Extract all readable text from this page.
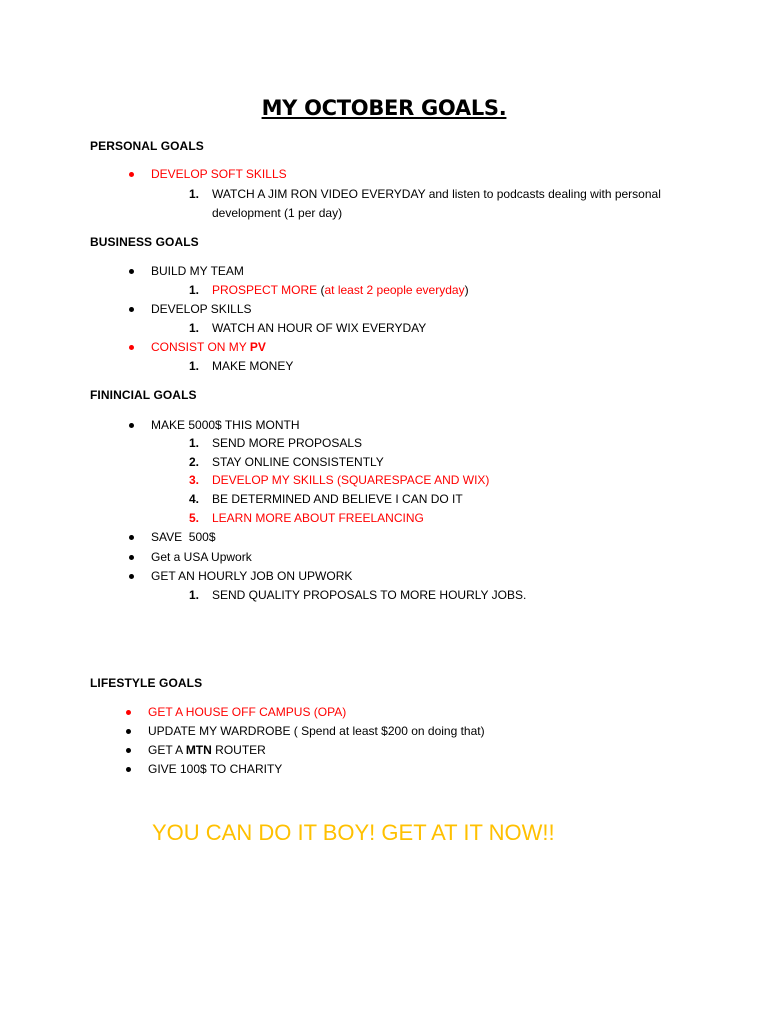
MY OCTOBER GOALS.

PERSONAL GOALS

DEVELOP SOFT SKILLS
1. WATCH A JIM RON VIDEO EVERYDAY and listen to podcasts dealing with personal
development (1 per day)

BUSINESS GOALS

BUILD MY TEAM
1. PROSPECT MORE (at least 2 people everyday)
DEVELOP SKILLS
1. WATCH AN HOUR OF WIX EVERYDAY
CONSIST ON MY PV
1. MAKE MONEY

FININCIAL GOALS

MAKE 5000$ THIS MONTH
1. SEND MORE PROPOSALS
2. STAY ONLINE CONSISTENTLY
3. DEVELOP MY SKILLS (SQUARESPACE AND WIX)
4. BE DETERMINED AND BELIEVE I CAN DO IT
5. LEARN MORE ABOUT FREELANCING
SAVE  500$
Get a USA Upwork
GET AN HOURLY JOB ON UPWORK
1. SEND QUALITY PROPOSALS TO MORE HOURLY JOBS.

LIFESTYLE GOALS

GET A HOUSE OFF CAMPUS (OPA)
UPDATE MY WARDROBE ( Spend at least $200 on doing that)
GET A MTN ROUTER
GIVE 100$ TO CHARITY

YOU CAN DO IT BOY! GET AT IT NOW!!
